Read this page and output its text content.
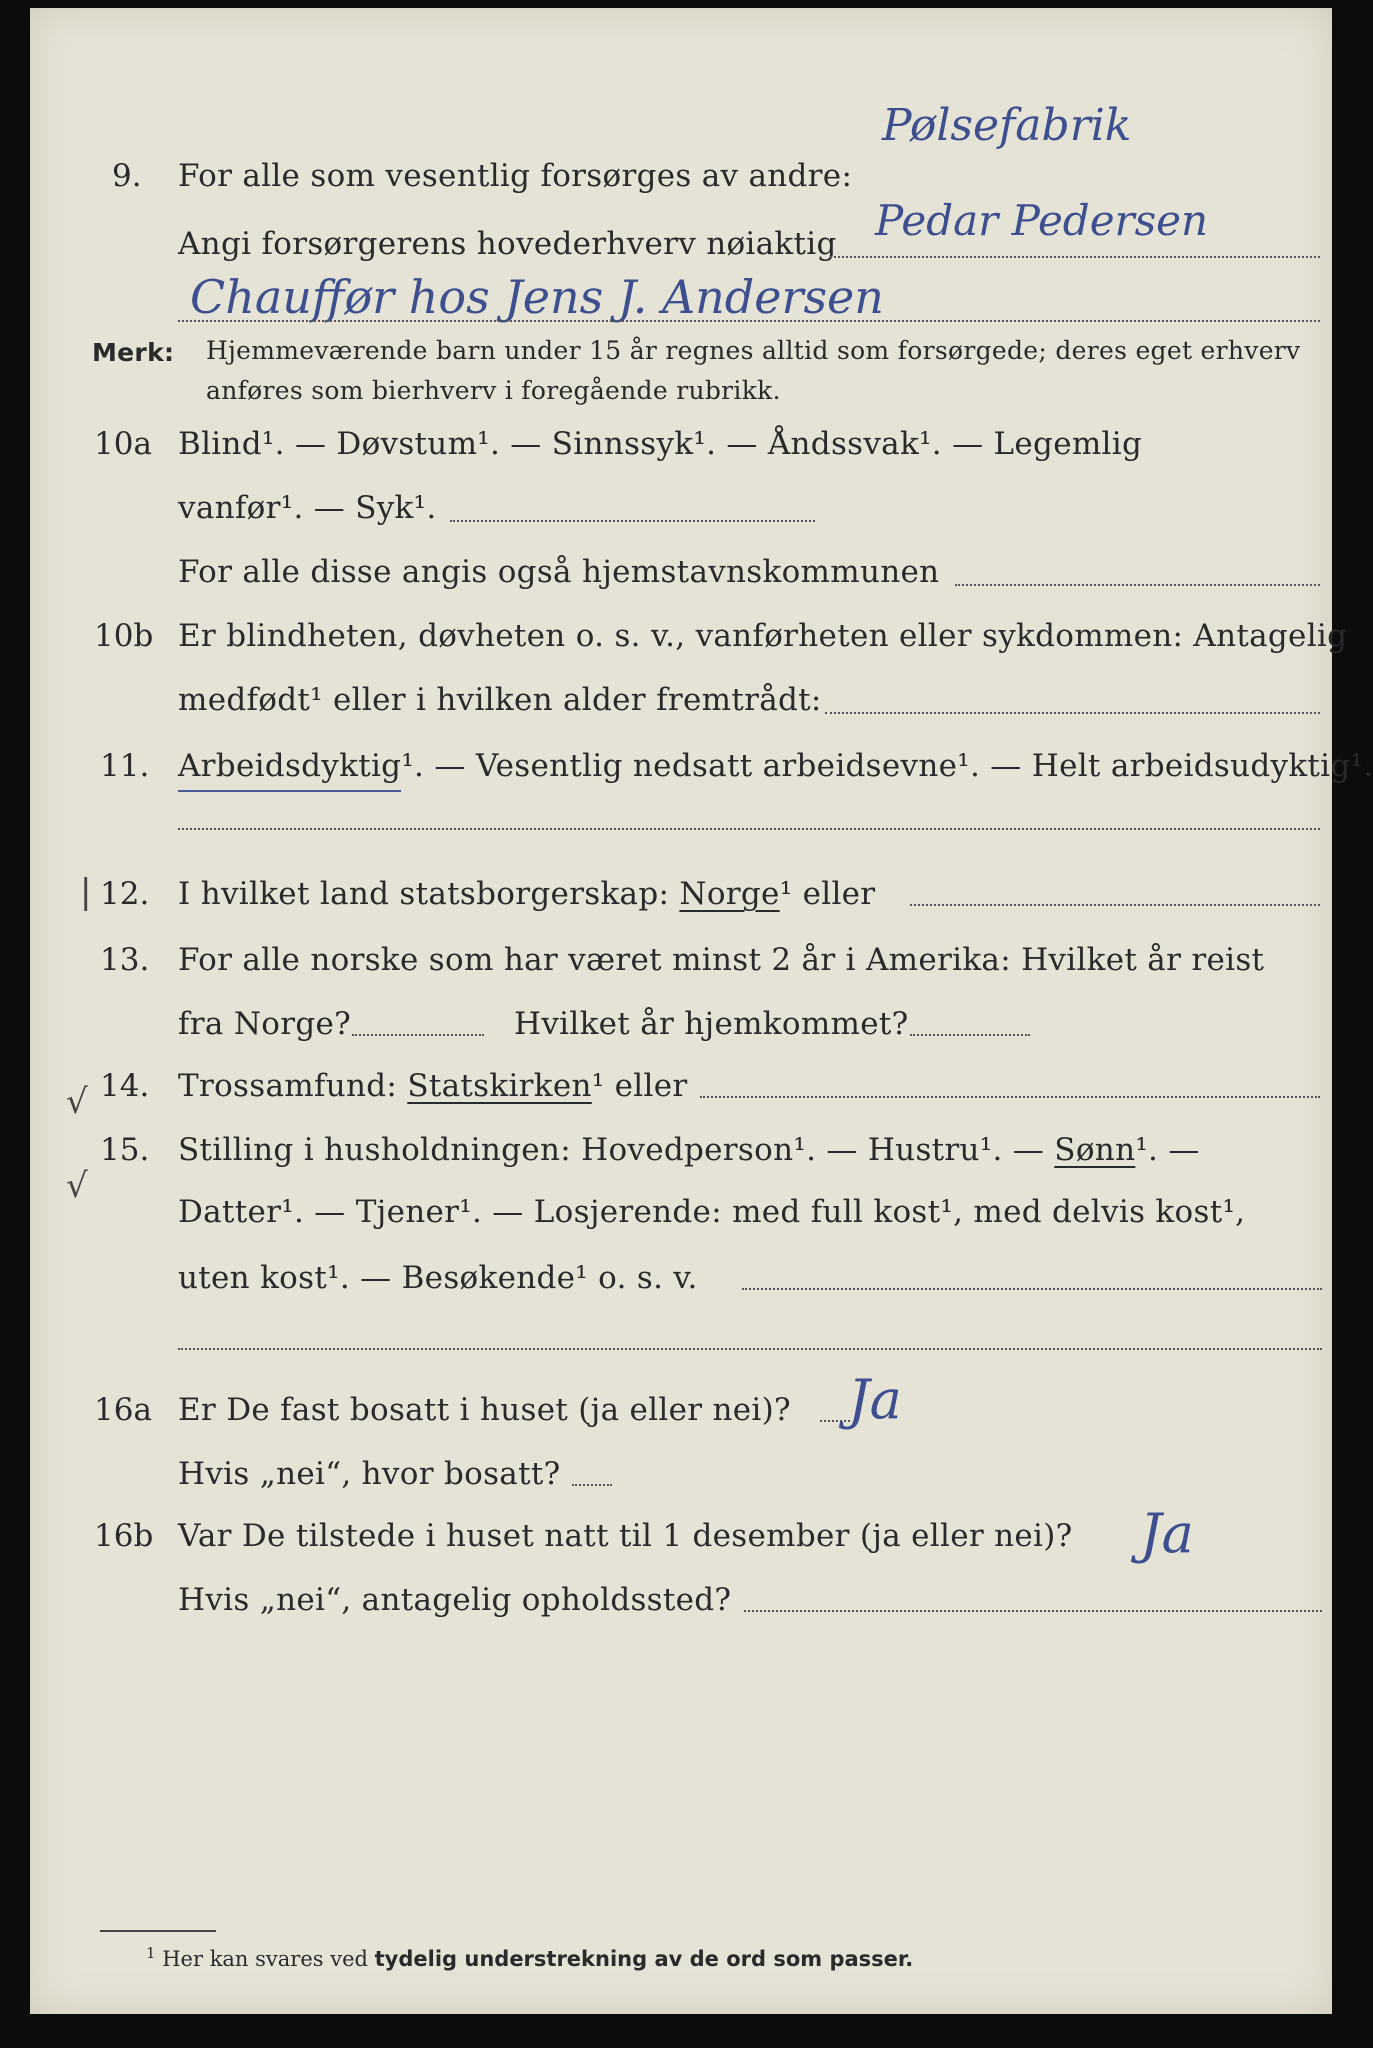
Pølsefabrik
9. For alle som vesentlig forsørges av andre:
Angi forsørgerens hovederhverv nøiaktig Pedar Pedersen
Chauffør hos Jens J. Andersen
Merk: Hjemmeværende barn under 15 år regnes alltid som forsørgede; deres eget erhverv
anføres som bierhverv i foregående rubrikk.
10a Blind¹. — Døvstum¹. — Sinnssyk¹. — Åndssvak¹. — Legemlig
vanfør¹. — Syk¹.
For alle disse angis også hjemstavnskommunen
10b Er blindheten, døvheten o. s. v., vanførheten eller sykdommen: Antagelig
medfødt¹ eller i hvilken alder fremtrådt:
11. Arbeidsdyktig¹. — Vesentlig nedsatt arbeidsevne¹. — Helt arbeidsudyktig¹.
| 12. I hvilket land statsborgerskap: Norge¹ eller
13. For alle norske som har været minst 2 år i Amerika: Hvilket år reist
fra Norge?	Hvilket år hjemkommet?
√ 14. Trossamfund: Statskirken¹ eller
√
15. Stilling i husholdningen: Hovedperson¹. — Hustru¹. — Sønn¹. —
Datter¹. — Tjener¹. — Losjerende: med full kost¹, med delvis kost¹,
uten kost¹. — Besøkende¹ o. s. v.
16a Er De fast bosatt i huset (ja eller nei)? Ja
Hvis „nei“, hvor bosatt?
16b Var De tilstede i huset natt til 1 desember (ja eller nei)? Ja
Hvis „nei“, antagelig opholdssted?
$^1$ Her kan svares ved tydelig understrekning av de ord som passer.
